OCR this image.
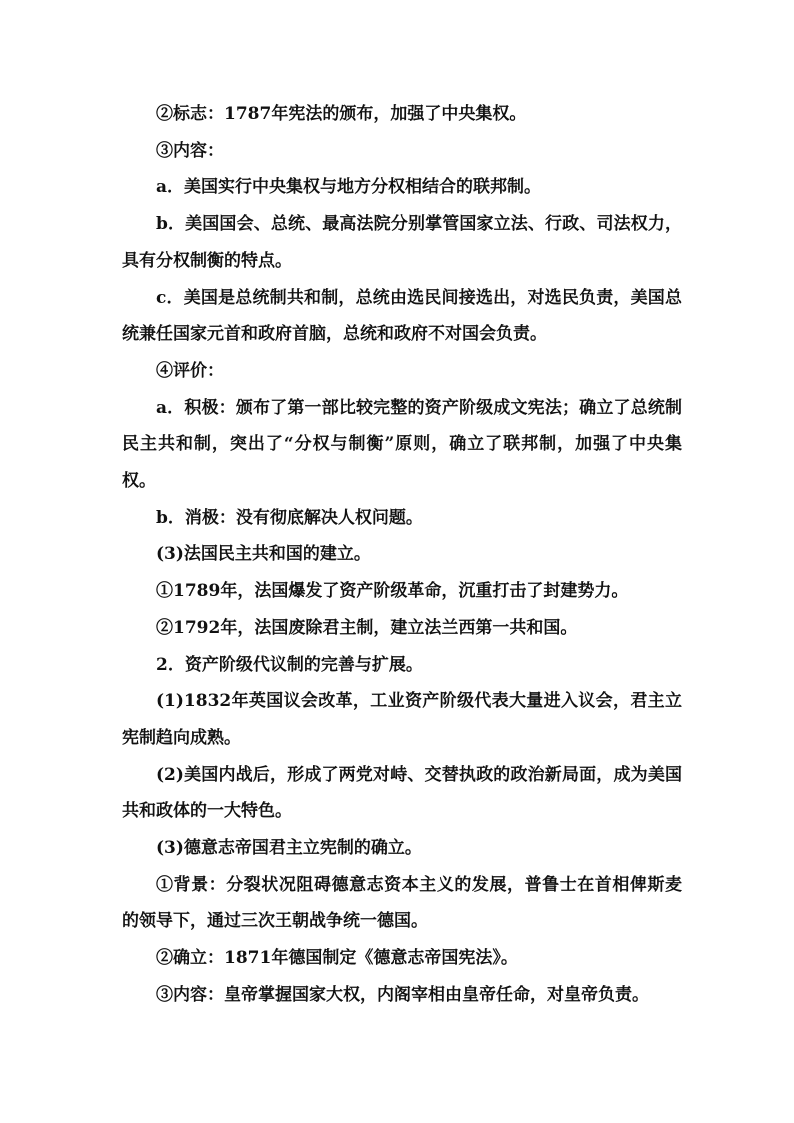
②标志：1787年宪法的颁布，加强了中央集权。

③内容：

a．美国实行中央集权与地方分权相结合的联邦制。

b．美国国会、总统、最高法院分别掌管国家立法、行政、司法权力，具有分权制衡的特点。

c．美国是总统制共和制，总统由选民间接选出，对选民负责，美国总统兼任国家元首和政府首脑，总统和政府不对国会负责。

④评价：

a．积极：颁布了第一部比较完整的资产阶级成文宪法；确立了总统制民主共和制，突出了“分权与制衡”原则，确立了联邦制，加强了中央集权。

b．消极：没有彻底解决人权问题。

(3)法国民主共和国的建立。

①1789年，法国爆发了资产阶级革命，沉重打击了封建势力。

②1792年，法国废除君主制，建立法兰西第一共和国。

2．资产阶级代议制的完善与扩展。

(1)1832年英国议会改革，工业资产阶级代表大量进入议会，君主立宪制趋向成熟。

(2)美国内战后，形成了两党对峙、交替执政的政治新局面，成为美国共和政体的一大特色。

(3)德意志帝国君主立宪制的确立。

①背景：分裂状况阻碍德意志资本主义的发展，普鲁士在首相俾斯麦的领导下，通过三次王朝战争统一德国。

②确立：1871年德国制定《德意志帝国宪法》。

③内容：皇帝掌握国家大权，内阁宰相由皇帝任命，对皇帝负责。
